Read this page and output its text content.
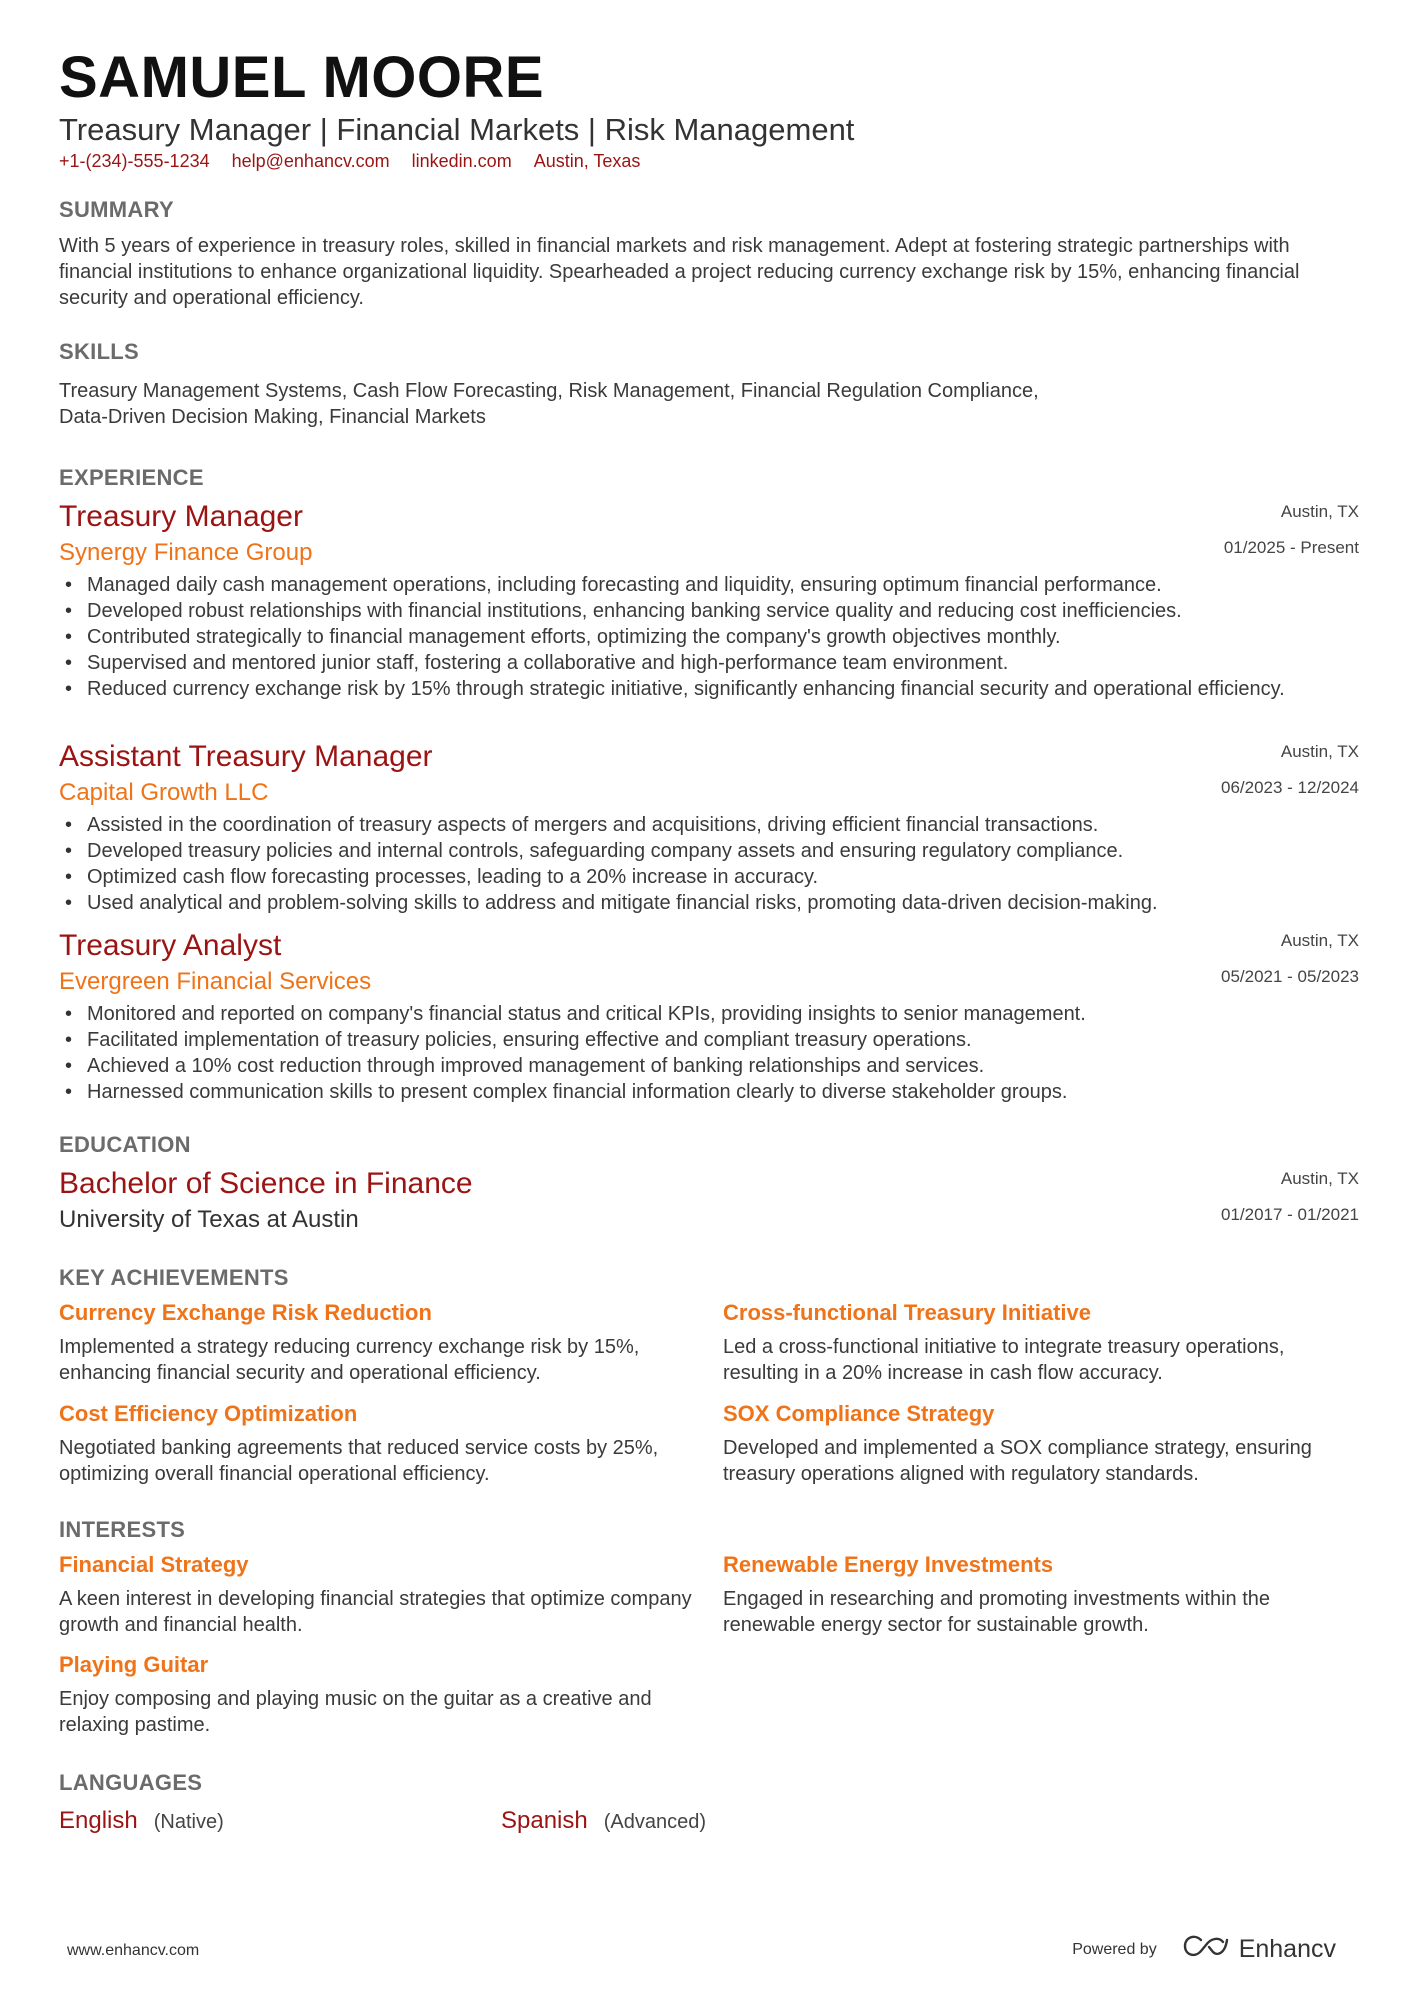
SAMUEL MOORE
Treasury Manager | Financial Markets | Risk Management
+1-(234)-555-1234 help@enhancv.com linkedin.com Austin, Texas
SUMMARY

With 5 years of experience in treasury roles, skilled in financial markets and risk management. Adept at fostering strategic partnerships with financial institutions to enhance organizational liquidity. Spearheaded a project reducing currency exchange risk by 15%, enhancing financial security and operational efficiency.

SKILLS

Treasury Management Systems, Cash Flow Forecasting, Risk Management, Financial Regulation Compliance,

Data-Driven Decision Making, Financial Markets

EXPERIENCE
Treasury Manager	Austin, TX
Synergy Finance Group	01/2025 - Present
• Managed daily cash management operations, including forecasting and liquidity, ensuring optimum financial performance.
• Developed robust relationships with financial institutions, enhancing banking service quality and reducing cost inefficiencies.
• Contributed strategically to financial management efforts, optimizing the company's growth objectives monthly.
• Supervised and mentored junior staff, fostering a collaborative and high-performance team environment.
• Reduced currency exchange risk by 15% through strategic initiative, significantly enhancing financial security and operational efficiency.
Assistant Treasury Manager	Austin, TX
Capital Growth LLC	06/2023 - 12/2024
• Assisted in the coordination of treasury aspects of mergers and acquisitions, driving efficient financial transactions.
• Developed treasury policies and internal controls, safeguarding company assets and ensuring regulatory compliance.
• Optimized cash flow forecasting processes, leading to a 20% increase in accuracy.
• Used analytical and problem-solving skills to address and mitigate financial risks, promoting data-driven decision-making.
Treasury Analyst	Austin, TX
Evergreen Financial Services	05/2021 - 05/2023
• Monitored and reported on company's financial status and critical KPIs, providing insights to senior management.
• Facilitated implementation of treasury policies, ensuring effective and compliant treasury operations.
• Achieved a 10% cost reduction through improved management of banking relationships and services.
• Harnessed communication skills to present complex financial information clearly to diverse stakeholder groups.
EDUCATION
Bachelor of Science in Finance	Austin, TX
University of Texas at Austin	01/2017 - 01/2021
KEY ACHIEVEMENTS
Currency Exchange Risk Reduction

Implemented a strategy reducing currency exchange risk by 15%, enhancing financial security and operational efficiency.

Cross-functional Treasury Initiative

Led a cross-functional initiative to integrate treasury operations, resulting in a 20% increase in cash flow accuracy.

Cost Efficiency Optimization

Negotiated banking agreements that reduced service costs by 25%, optimizing overall financial operational efficiency.

SOX Compliance Strategy

Developed and implemented a SOX compliance strategy, ensuring treasury operations aligned with regulatory standards.

INTERESTS
Financial Strategy

A keen interest in developing financial strategies that optimize company growth and financial health.

Renewable Energy Investments

Engaged in researching and promoting investments within the renewable energy sector for sustainable growth.

Playing Guitar

Enjoy composing and playing music on the guitar as a creative and relaxing pastime.

LANGUAGES
English (Native)	Spanish (Advanced)
www.enhancv.com	Powered by	Enhancv
